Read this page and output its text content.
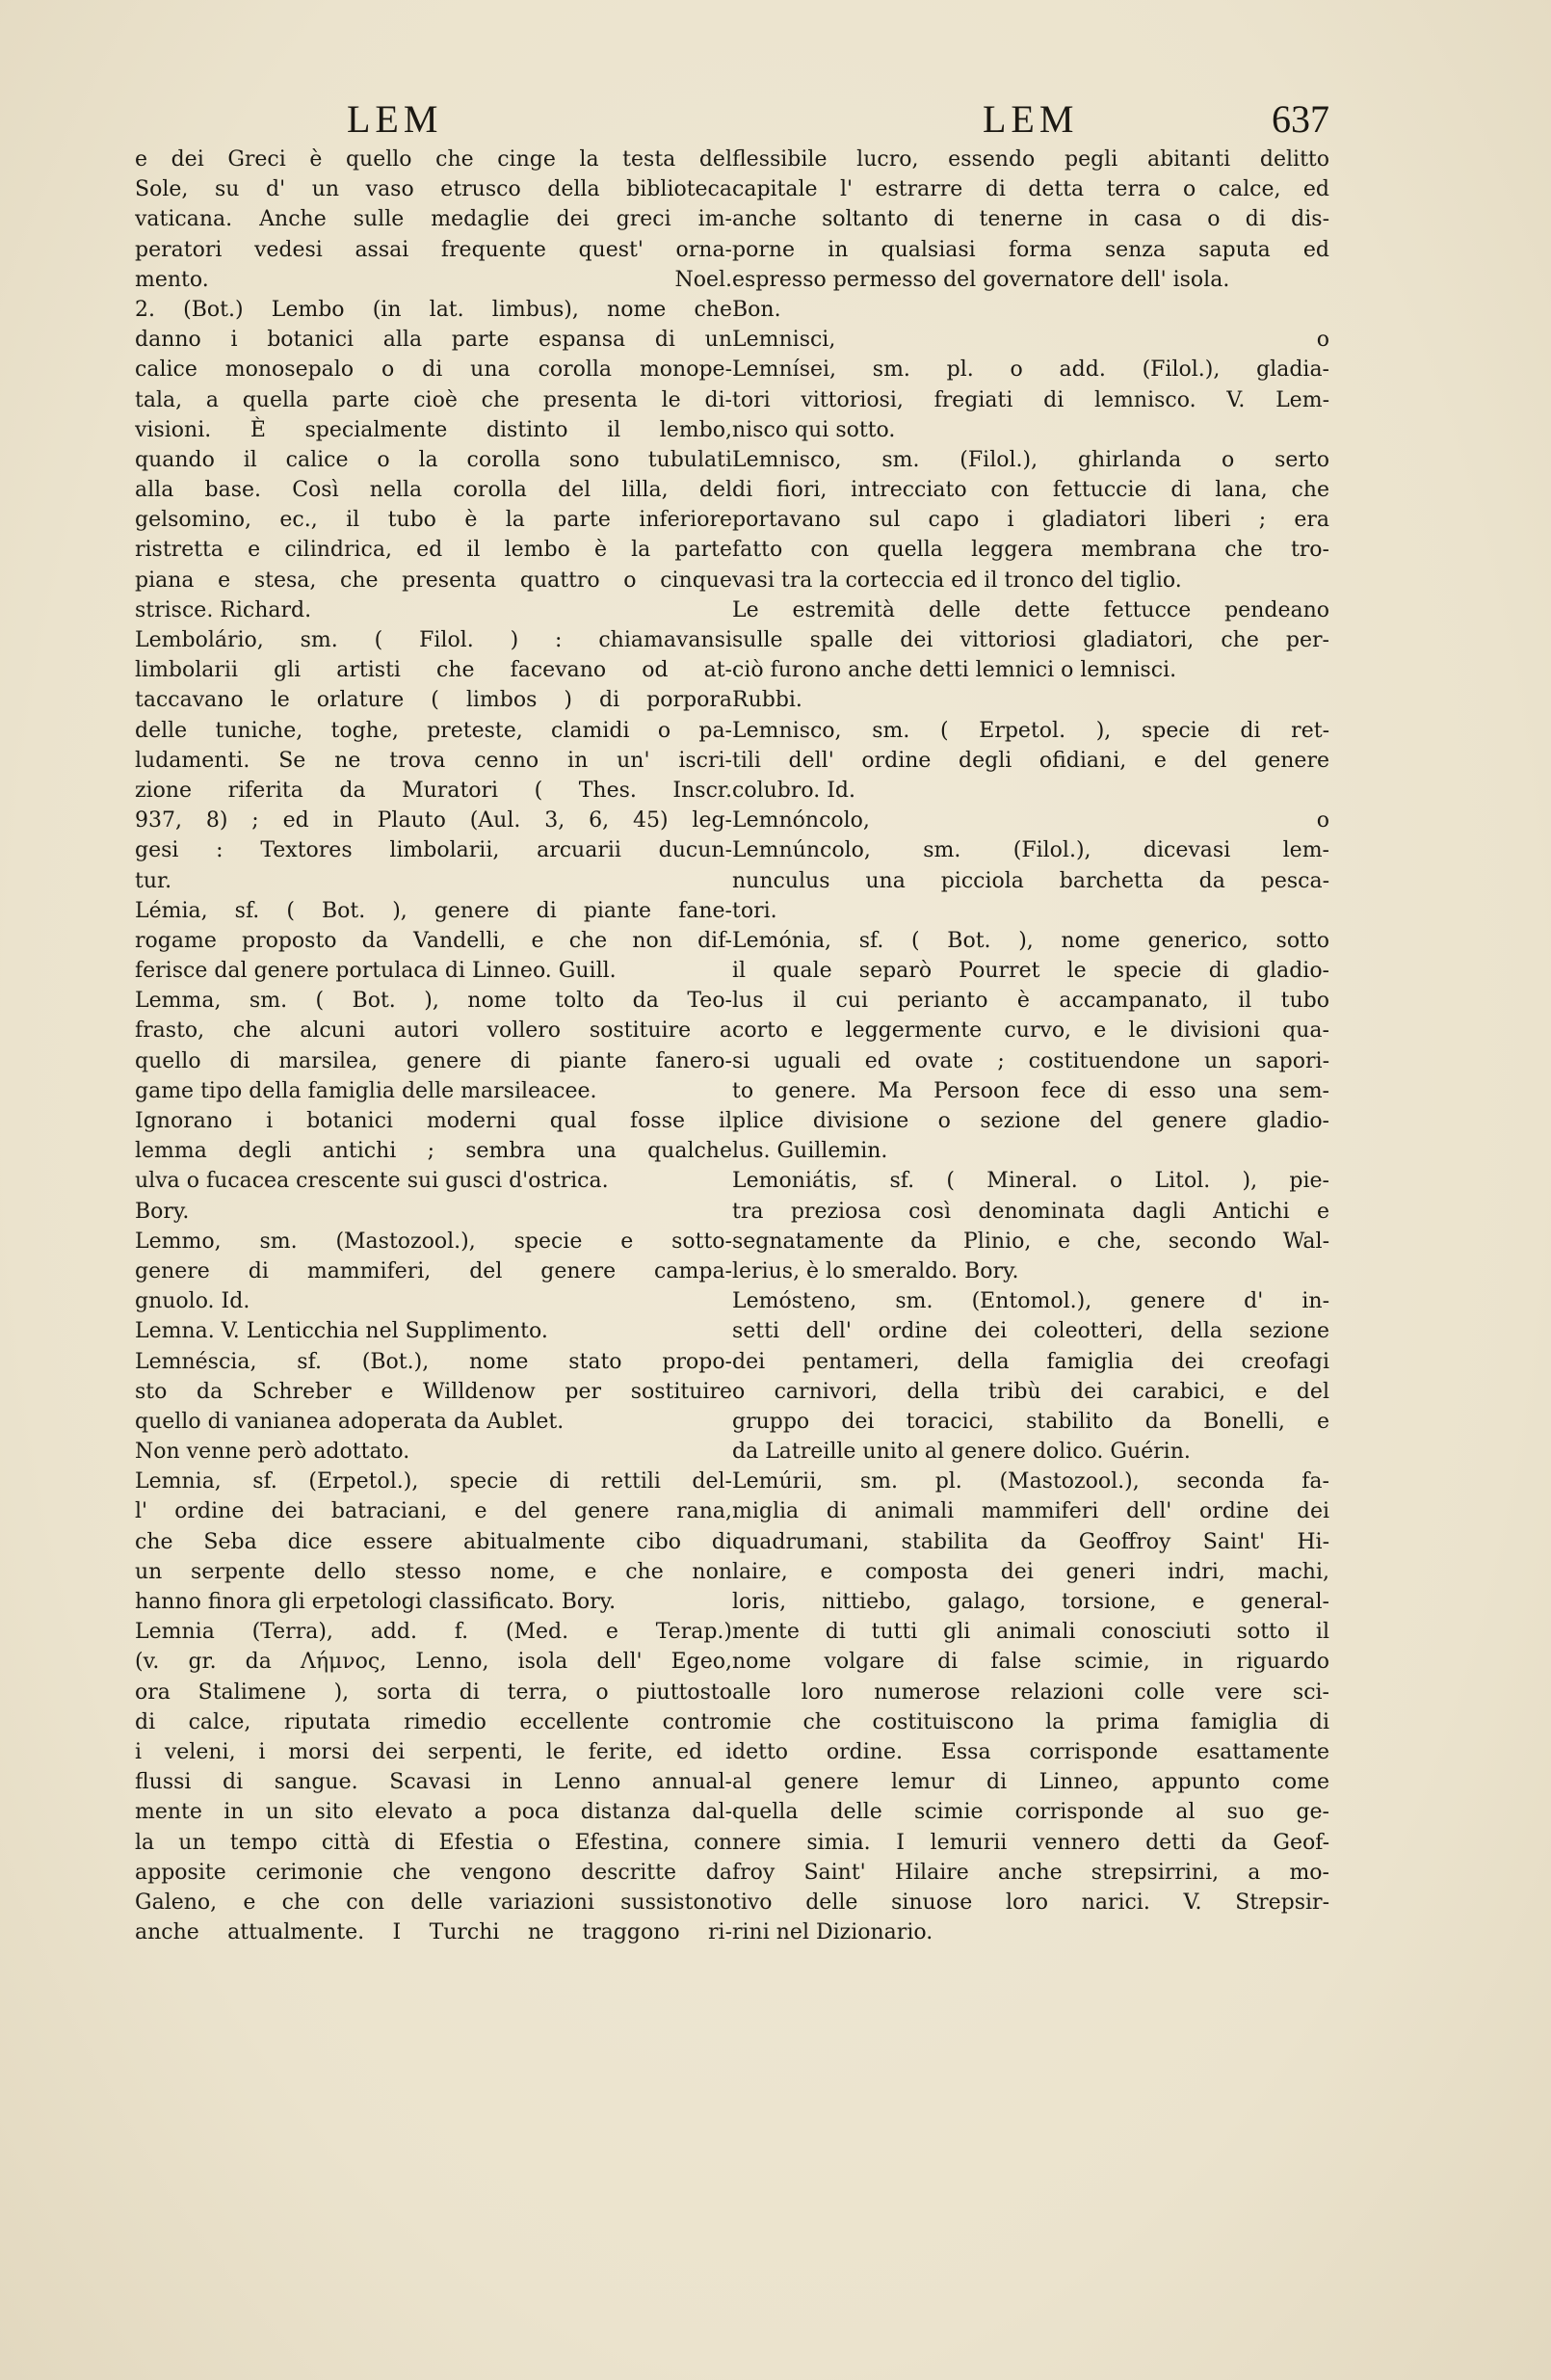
LEM	LEM	637
e dei Greci è quello che cinge la testa del
Sole, su d' un vaso etrusco della biblioteca
vaticana. Anche sulle medaglie dei greci im-
peratori vedesi assai frequente quest' orna-
mento. Noel.
2. (Bot.) Lembo (in lat. limbus), nome che
danno i botanici alla parte espansa di un
calice monosepalo o di una corolla monope-
tala, a quella parte cioè che presenta le di-
visioni. È specialmente distinto il lembo,
quando il calice o la corolla sono tubulati
alla base. Così nella corolla del lilla, del
gelsomino, ec., il tubo è la parte inferiore
ristretta e cilindrica, ed il lembo è la parte
piana e stesa, che presenta quattro o cinque
strisce. Richard.
Lembolário, sm. ( Filol. ) : chiamavansi
limbolarii gli artisti che facevano od at-
taccavano le orlature ( limbos ) di porpora
delle tuniche, toghe, preteste, clamidi o pa-
ludamenti. Se ne trova cenno in un' iscri-
zione riferita da Muratori ( Thes. Inscr.
937, 8) ; ed in Plauto (Aul. 3, 6, 45) leg-
gesi : Textores limbolarii, arcuarii ducun-
tur.
Lémia, sf. ( Bot. ), genere di piante fane-
rogame proposto da Vandelli, e che non dif-
ferisce dal genere portulaca di Linneo. Guill.
Lemma, sm. ( Bot. ), nome tolto da Teo-
frasto, che alcuni autori vollero sostituire a
quello di marsilea, genere di piante fanero-
game tipo della famiglia delle marsileacee.
Ignorano i botanici moderni qual fosse il
lemma degli antichi ; sembra una qualche
ulva o fucacea crescente sui gusci d'ostrica.
Bory.
Lemmo, sm. (Mastozool.), specie e sotto-
genere di mammiferi, del genere campa-
gnuolo. Id.
Lemna. V. Lenticchia nel Supplimento.
Lemnéscia, sf. (Bot.), nome stato propo-
sto da Schreber e Willdenow per sostituire
quello di vanianea adoperata da Aublet.
Non venne però adottato.
Lemnia, sf. (Erpetol.), specie di rettili del-
l' ordine dei batraciani, e del genere rana,
che Seba dice essere abitualmente cibo di
un serpente dello stesso nome, e che non
hanno finora gli erpetologi classificato. Bory.
Lemnia (Terra), add. f. (Med. e Terap.)
(v. gr. da Λήμνος, Lenno, isola dell' Egeo,
ora Stalimene ), sorta di terra, o piuttosto
di calce, riputata rimedio eccellente contro
i veleni, i morsi dei serpenti, le ferite, ed i
flussi di sangue. Scavasi in Lenno annual-
mente in un sito elevato a poca distanza dal-
la un tempo città di Efestia o Efestina, con
apposite cerimonie che vengono descritte da
Galeno, e che con delle variazioni sussistono
anche attualmente. I Turchi ne traggono ri-
flessibile lucro, essendo pegli abitanti delitto
capitale l' estrarre di detta terra o calce, ed
anche soltanto di tenerne in casa o di dis-
porne in qualsiasi forma senza saputa ed
espresso permesso del governatore dell' isola.
Bon.
Lemnisci, o
Lemnísei, sm. pl. o add. (Filol.), gladia-
tori vittoriosi, fregiati di lemnisco. V. Lem-
nisco qui sotto.
Lemnisco, sm. (Filol.), ghirlanda o serto
di fiori, intrecciato con fettuccie di lana, che
portavano sul capo i gladiatori liberi ; era
fatto con quella leggera membrana che tro-
vasi tra la corteccia ed il tronco del tiglio.
Le estremità delle dette fettucce pendeano
sulle spalle dei vittoriosi gladiatori, che per-
ciò furono anche detti lemnici o lemnisci.
Rubbi.
Lemnisco, sm. ( Erpetol. ), specie di ret-
tili dell' ordine degli ofidiani, e del genere
colubro. Id.
Lemnóncolo, o
Lemnúncolo, sm. (Filol.), dicevasi lem-
nunculus una picciola barchetta da pesca-
tori.
Lemónia, sf. ( Bot. ), nome generico, sotto
il quale separò Pourret le specie di gladio-
lus il cui perianto è accampanato, il tubo
corto e leggermente curvo, e le divisioni qua-
si uguali ed ovate ; costituendone un sapori-
to genere. Ma Persoon fece di esso una sem-
plice divisione o sezione del genere gladio-
lus. Guillemin.
Lemoniátis, sf. ( Mineral. o Litol. ), pie-
tra preziosa così denominata dagli Antichi e
segnatamente da Plinio, e che, secondo Wal-
lerius, è lo smeraldo. Bory.
Lemósteno, sm. (Entomol.), genere d' in-
setti dell' ordine dei coleotteri, della sezione
dei pentameri, della famiglia dei creofagi
o carnivori, della tribù dei carabici, e del
gruppo dei toracici, stabilito da Bonelli, e
da Latreille unito al genere dolico. Guérin.
Lemúrii, sm. pl. (Mastozool.), seconda fa-
miglia di animali mammiferi dell' ordine dei
quadrumani, stabilita da Geoffroy Saint' Hi-
laire, e composta dei generi indri, machi,
loris, nittiebo, galago, torsione, e general-
mente di tutti gli animali conosciuti sotto il
nome volgare di false scimie, in riguardo
alle loro numerose relazioni colle vere sci-
mie che costituiscono la prima famiglia di
detto ordine. Essa corrisponde esattamente
al genere lemur di Linneo, appunto come
quella delle scimie corrisponde al suo ge-
nere simia. I lemurii vennero detti da Geof-
froy Saint' Hilaire anche strepsirrini, a mo-
tivo delle sinuose loro narici. V. Strepsir-
rini nel Dizionario.
